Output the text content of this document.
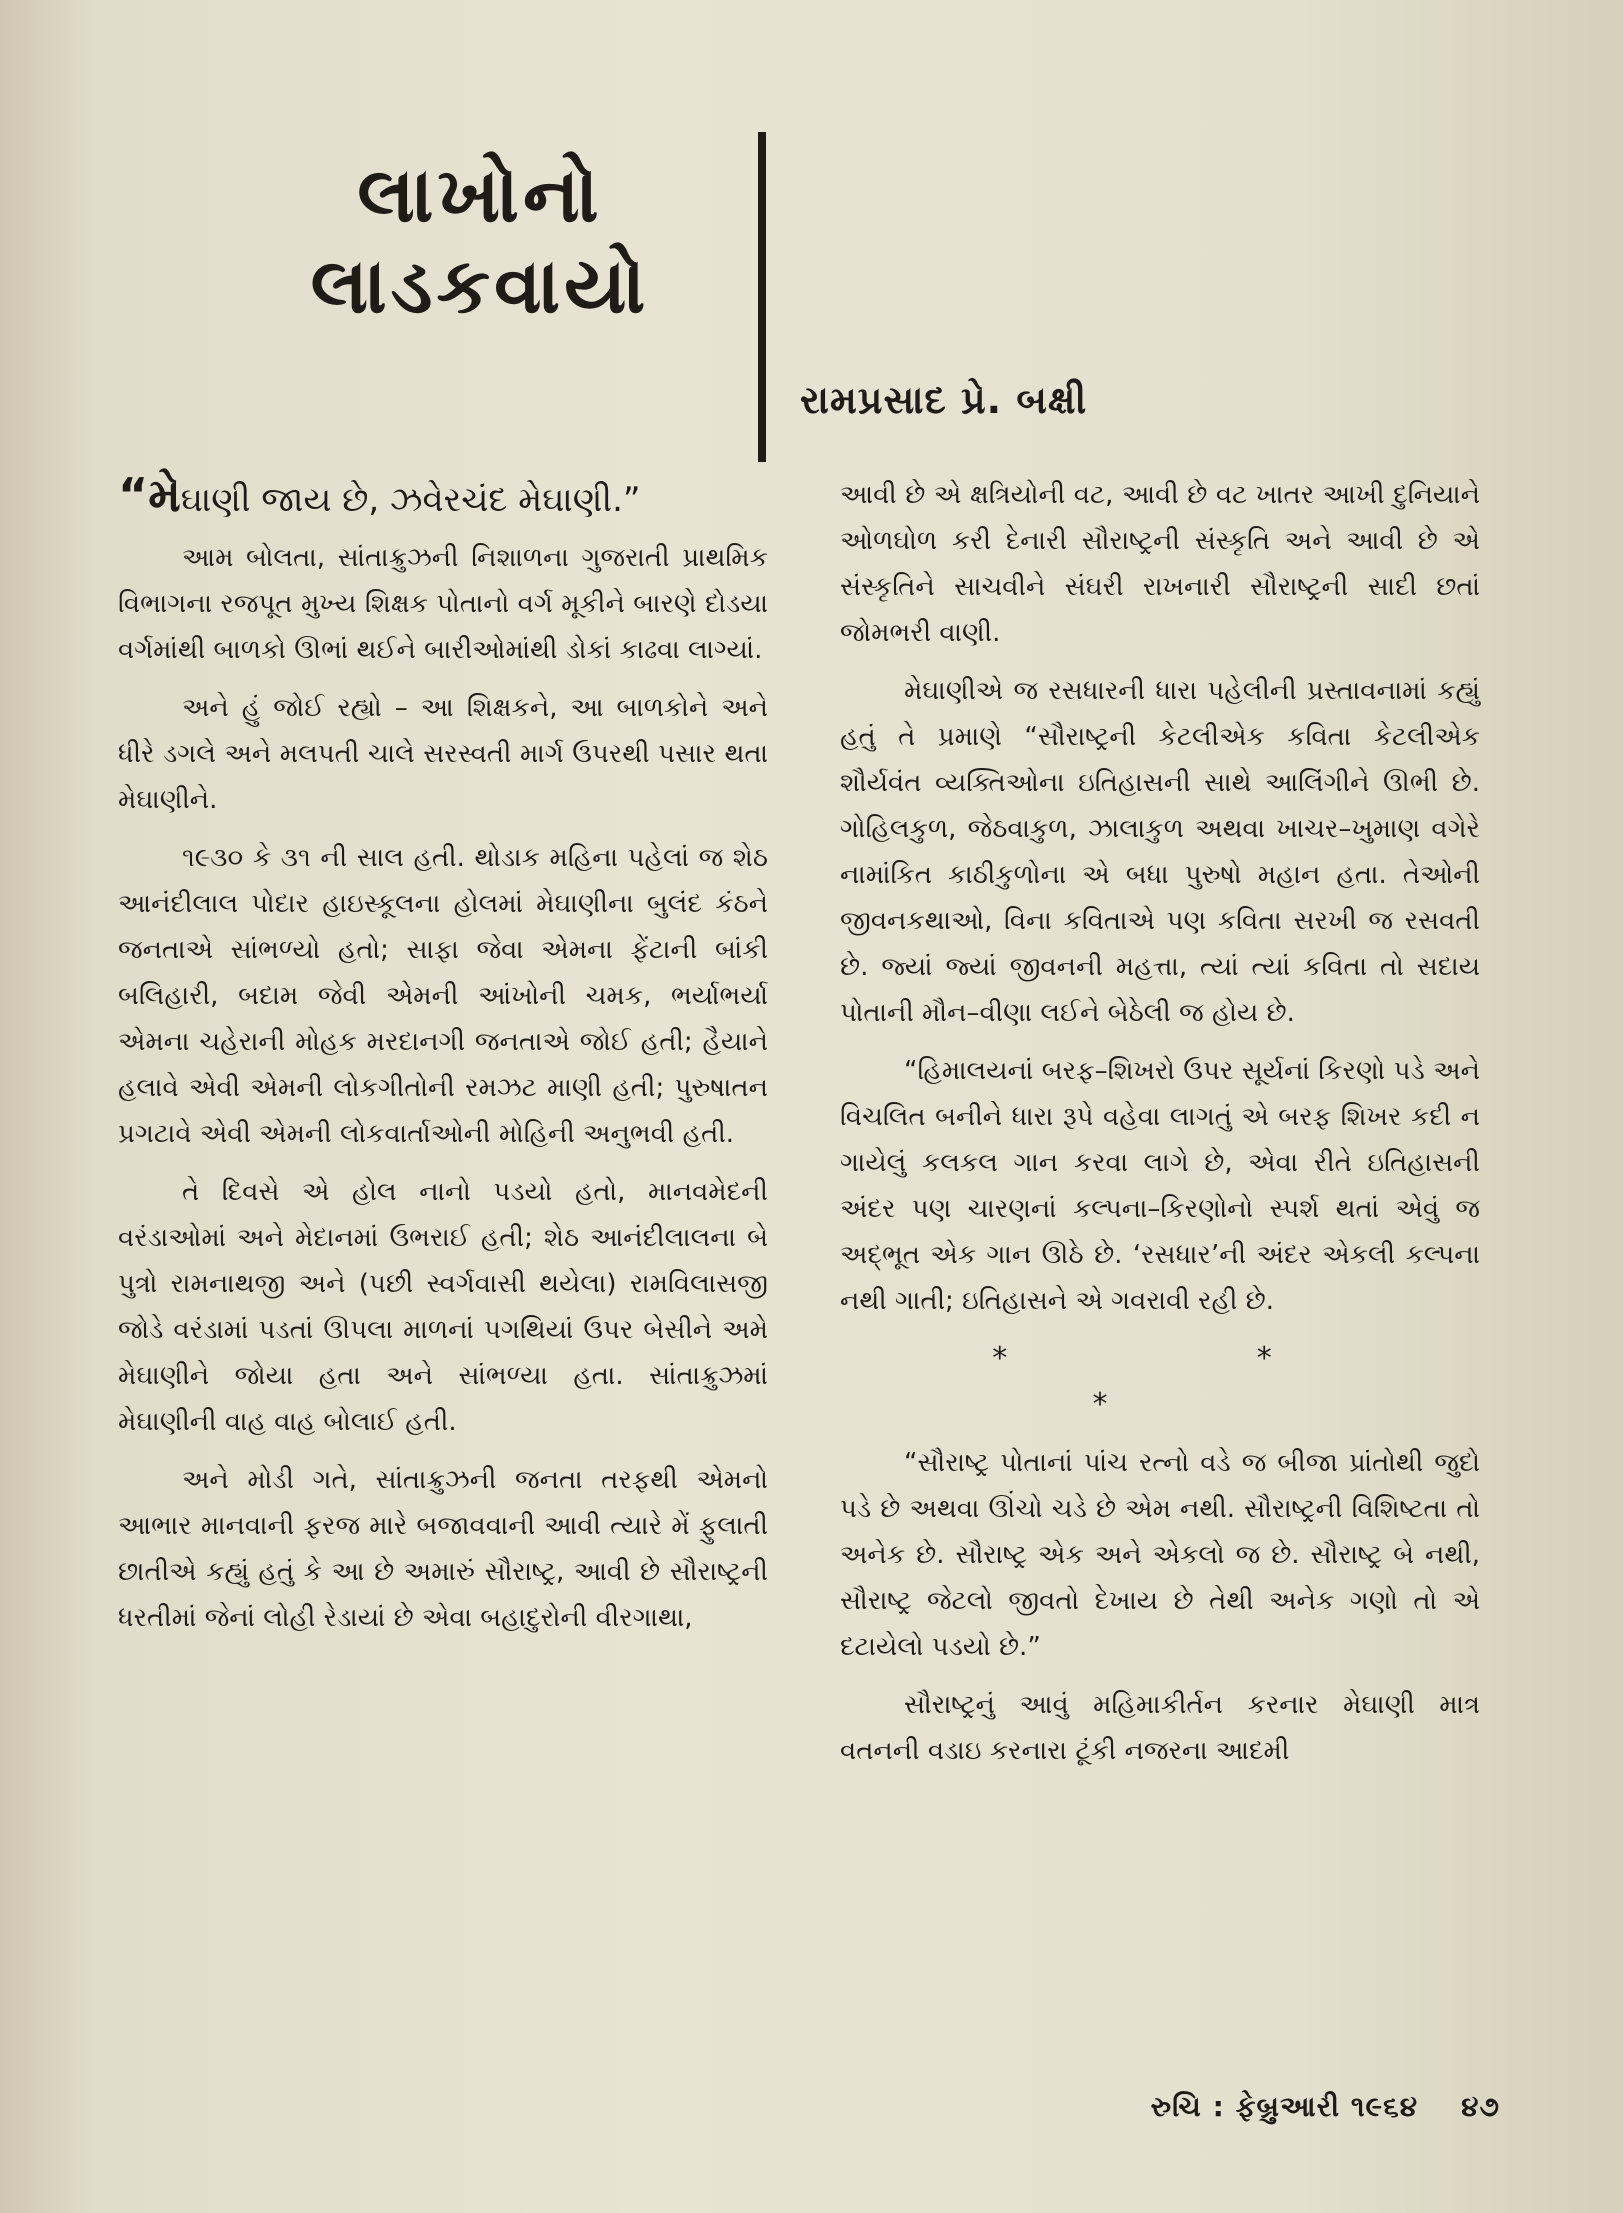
લાખોનો લાડકવાયો
રામપ્રસાદ પ્રે. બક્ષી

“મેઘાણી જાય છે, ઝવેરચંદ મેઘાણી.”

આમ બોલતા, સાંતાક્રુઝની નિશાળના ગુજરાતી પ્રાથમિક વિભાગના રજપૂત મુખ્ય શિક્ષક પોતાનો વર્ગ મૂકીને બારણે દોડયા વર્ગમાંથી બાળકો ઊભાં થઈને બારીઓમાંથી ડોકાં કાઢવા લાગ્યાં.

અને હું જોઈ રહ્યો – આ શિક્ષકને, આ બાળકોને અને ધીરે ડગલે અને મલપતી ચાલે સરસ્વતી માર્ગ ઉપરથી પસાર થતા મેઘાણીને.

૧૯૩૦ કે ૩૧ ની સાલ હતી. થોડાક મહિના પહેલાં જ શેઠ આનંદીલાલ પોદાર હાઇસ્કૂલના હોલમાં મેઘાણીના બુલંદ કંઠને જનતાએ સાંભળ્યો હતો; સાફા જેવા એમના ફેંટાની બાંકી બલિહારી, બદામ જેવી એમની આંખોની ચમક, ભર્યાભર્યા એમના ચહેરાની મોહક મરદાનગી જનતાએ જોઈ હતી; હૈયાને હલાવે એવી એમની લોકગીતોની રમઝટ માણી હતી; પુરુષાતન પ્રગટાવે એવી એમની લોકવાર્તાઓની મોહિની અનુભવી હતી.

તે દિવસે એ હોલ નાનો પડયો હતો, માનવમેદની વરંડાઓમાં અને મેદાનમાં ઉભરાઈ હતી; શેઠ આનંદીલાલના બે પુત્રો રામનાથજી અને (પછી સ્વર્ગવાસી થયેલા) રામવિલાસજી જોડે વરંડામાં પડતાં ઊપલા માળનાં પગથિયાં ઉપર બેસીને અમે મેઘાણીને જોયા હતા અને સાંભળ્યા હતા. સાંતાક્રુઝમાં મેઘાણીની વાહ વાહ બોલાઈ હતી.

અને મોડી ગતે, સાંતાક્રુઝની જનતા તરફથી એમનો આભાર માનવાની ફરજ મારે બજાવવાની આવી ત્યારે મેં ફુલાતી છાતીએ કહ્યું હતું કે આ છે અમારું સૌરાષ્ટ્ર, આવી છે સૌરાષ્ટ્રની ધરતીમાં જેનાં લોહી રેડાયાં છે એવા બહાદુરોની વીરગાથા,

આવી છે એ ક્ષત્રિયોની વટ, આવી છે વટ ખાતર આખી દુનિયાને ઓળઘોળ કરી દેનારી સૌરાષ્ટ્રની સંસ્કૃતિ અને આવી છે એ સંસ્કૃતિને સાચવીને સંઘરી રાખનારી સૌરાષ્ટ્રની સાદી છતાં જોમભરી વાણી.

મેઘાણીએ જ રસધારની ધારા પહેલીની પ્રસ્તાવનામાં કહ્યું હતું તે પ્રમાણે “સૌરાષ્ટ્રની કેટલીએક કવિતા કેટલીએક શૌર્યવંત વ્યક્તિઓના ઇતિહાસની સાથે આલિંગીને ઊભી છે. ગોહિલકુળ, જેઠવાકુળ, ઝાલાકુળ અથવા ખાચર–ખુમાણ વગેરે નામાંકિત કાઠીકુળોના એ બધા પુરુષો મહાન હતા. તેઓની જીવનકથાઓ, વિના કવિતાએ પણ કવિતા સરખી જ રસવતી છે. જ્યાં જ્યાં જીવનની મહત્તા, ત્યાં ત્યાં કવિતા તો સદાય પોતાની મૌન–વીણા લઈને બેઠેલી જ હોય છે.

“હિમાલયનાં બરફ–શિખરો ઉપર સૂર્યનાં કિરણો પડે અને વિચલિત બનીને ધારા રૂપે વહેવા લાગતું એ બરફ શિખર કદી ન ગાયેલું કલકલ ગાન કરવા લાગે છે, એવા રીતે ઇતિહાસની અંદર પણ ચારણનાં કલ્પના–કિરણોનો સ્પર્શ થતાં એવું જ અદ્‌ભૂત એક ગાન ઊઠે છે. ‘રસધાર’ની અંદર એકલી કલ્પના નથી ગાતી; ઇતિહાસને એ ગવરાવી રહી છે.

* * *

“સૌરાષ્ટ્ર પોતાનાં પાંચ રત્નો વડે જ બીજા પ્રાંતોથી જુદો પડે છે અથવા ઊંચો ચડે છે એમ નથી. સૌરાષ્ટ્રની વિશિષ્ટતા તો અનેક છે. સૌરાષ્ટ્ર એક અને એકલો જ છે. સૌરાષ્ટ્ર બે નથી, સૌરાષ્ટ્ર જેટલો જીવતો દેખાય છે તેથી અનેક ગણો તો એ દટાયેલો પડયો છે.”

સૌરાષ્ટ્રનું આવું મહિમાકીર્તન કરનાર મેઘાણી માત્ર વતનની વડાઇ કરનારા ટૂંકી નજરના આદમી

રુચિ : ફેબ્રુઆરી ૧૯૬૪ ૪૭
